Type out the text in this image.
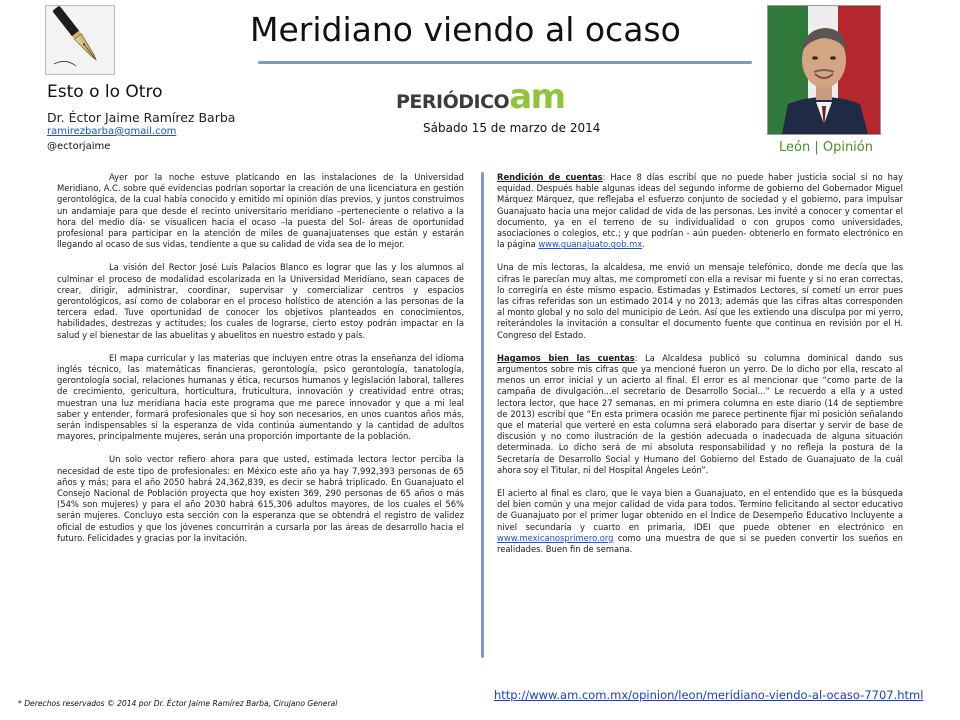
Meridiano viendo al ocaso
Esto o lo Otro
Dr. Éctor Jaime Ramírez Barba
ramirezbarba@gmail.com
@ectorjaime
PERIÓDICOam
Sábado 15 de marzo de 2014
León | Opinión

Ayer por la noche estuve platicando en las instalaciones de la Universidad Meridiano, A.C. sobre qué evidencias podrían soportar la creación de una licenciatura en gestión gerontológica, de la cual había conocido y emitido mi opinión días previos, y juntos construimos un andamiaje para que desde el recinto universitario meridiano –perteneciente o relativo a la hora del medio día- se visualicen hacia el ocaso –la puesta del Sol- áreas de oportunidad profesional para participar en la atención de miles de guanajuatenses que están y estarán llegando al ocaso de sus vidas, tendiente a que su calidad de vida sea de lo mejor.

La visión del Rector José Luis Palacios Blanco es lograr que las y los alumnos al culminar el proceso de modalidad escolarizada en la Universidad Meridiano, sean capaces de crear, dirigir, administrar, coordinar, supervisar y comercializar centros y espacios gerontológicos, así como de colaborar en el proceso holístico de atención a las personas de la tercera edad. Tuve oportunidad de conocer los objetivos planteados en conocimientos, habilidades, destrezas y actitudes; los cuales de lograrse, cierto estoy podrán impactar en la salud y el bienestar de las abuelitas y abuelitos en nuestro estado y país.

El mapa curricular y las materias que incluyen entre otras la enseñanza del idioma inglés técnico, las matemáticas financieras, gerontología, psico gerontología, tanatología, gerontología social, relaciones humanas y ética, recursos humanos y legislación laboral, talleres de crecimiento, gericultura, horticultura, fruticultura, innovación y creatividad entre otras; muestran una luz meridiana hacia este programa que me parece innovador y que a mi leal saber y entender, formará profesionales que si hoy son necesarios, en unos cuantos años más, serán indispensables si la esperanza de vida continúa aumentando y la cantidad de adultos mayores, principalmente mujeres, serán una proporción importante de la población.

Un solo vector refiero ahora para que usted, estimada lectora lector perciba la necesidad de este tipo de profesionales: en México este año ya hay 7,992,393 personas de 65 años y más; para el año 2050 habrá 24,362,839, es decir se habrá triplicado. En Guanajuato el Consejo Nacional de Población proyecta que hoy existen 369, 290 personas de 65 años o más (54% son mujeres) y para el año 2030 habrá 615,306 adultos mayores, de los cuales el 56% serán mujeres. Concluyo esta sección con la esperanza que se obtendrá el registro de validez oficial de estudios y que los jóvenes concurrirán a cursarla por las áreas de desarrollo hacia el futuro. Felicidades y gracias por la invitación.

Rendición de cuentas: Hace 8 días escribí que no puede haber justicia social si no hay equidad. Después hable algunas ideas del segundo informe de gobierno del Gobernador Miguel Márquez Márquez, que reflejaba el esfuerzo conjunto de sociedad y el gobierno, para impulsar Guanajuato hacia una mejor calidad de vida de las personas. Les invité a conocer y comentar el documento, ya en el terreno de su individualidad o con grupos como universidades, asociaciones o colegios, etc.; y que podrían - aún pueden- obtenerlo en formato electrónico en la página www.guanajuato.gob.mx.

Una de mis lectoras, la alcaldesa, me envió un mensaje telefónico, donde me decía que las cifras le parecían muy altas, me comprometí con ella a revisar mi fuente y si no eran correctas, lo corregiría en éste mismo espacio. Estimadas y Estimados Lectores, sí cometí un error pues las cifras referidas son un estimado 2014 y no 2013; además que las cifras altas corresponden al monto global y no solo del municipio de León. Así que les extiendo una disculpa por mi yerro, reiterándoles la invitación a consultar el documento fuente que continua en revisión por el H. Congreso del Estado.

Hagamos bien las cuentas: La Alcaldesa publicó su columna dominical dando sus argumentos sobre mis cifras que ya mencioné fueron un yerro. De lo dicho por ella, rescato al menos un error inicial y un acierto al final. El error es al mencionar que “como parte de la campaña de divulgación...el secretario de Desarrollo Social...” Le recuerdo a ella y a usted lectora lector, que hace 27 semanas, en mi primera columna en este diario (14 de septiembre de 2013) escribí que “En esta primera ocasión me parece pertinente fijar mi posición señalando que el material que verteré en esta columna será elaborado para disertar y servir de base de discusión y no como ilustración de la gestión adecuada o inadecuada de alguna situación determinada. Lo dicho será de mi absoluta responsabilidad y no refleja la postura de la Secretaría de Desarrollo Social y Humano del Gobierno del Estado de Guanajuato de la cuál ahora soy el Titular, ni del Hospital Ángeles León”.

El acierto al final es claro, que le vaya bien a Guanajuato, en el entendido que es la búsqueda del bien común y una mejor calidad de vida para todos. Termino felicitando al sector educativo de Guanajuato por el primer lugar obtenido en el Índice de Desempeño Educativo Incluyente a nivel secundaria y cuarto en primaria, IDEI que puede obtener en electrónico en www.mexicanosprimero.org como una muestra de que si se pueden convertir los sueños en realidades. Buen fin de semana.

* Derechos reservados © 2014 por Dr. Éctor Jaime Ramírez Barba, Cirujano General
http://www.am.com.mx/opinion/leon/meridiano-viendo-al-ocaso-7707.html
